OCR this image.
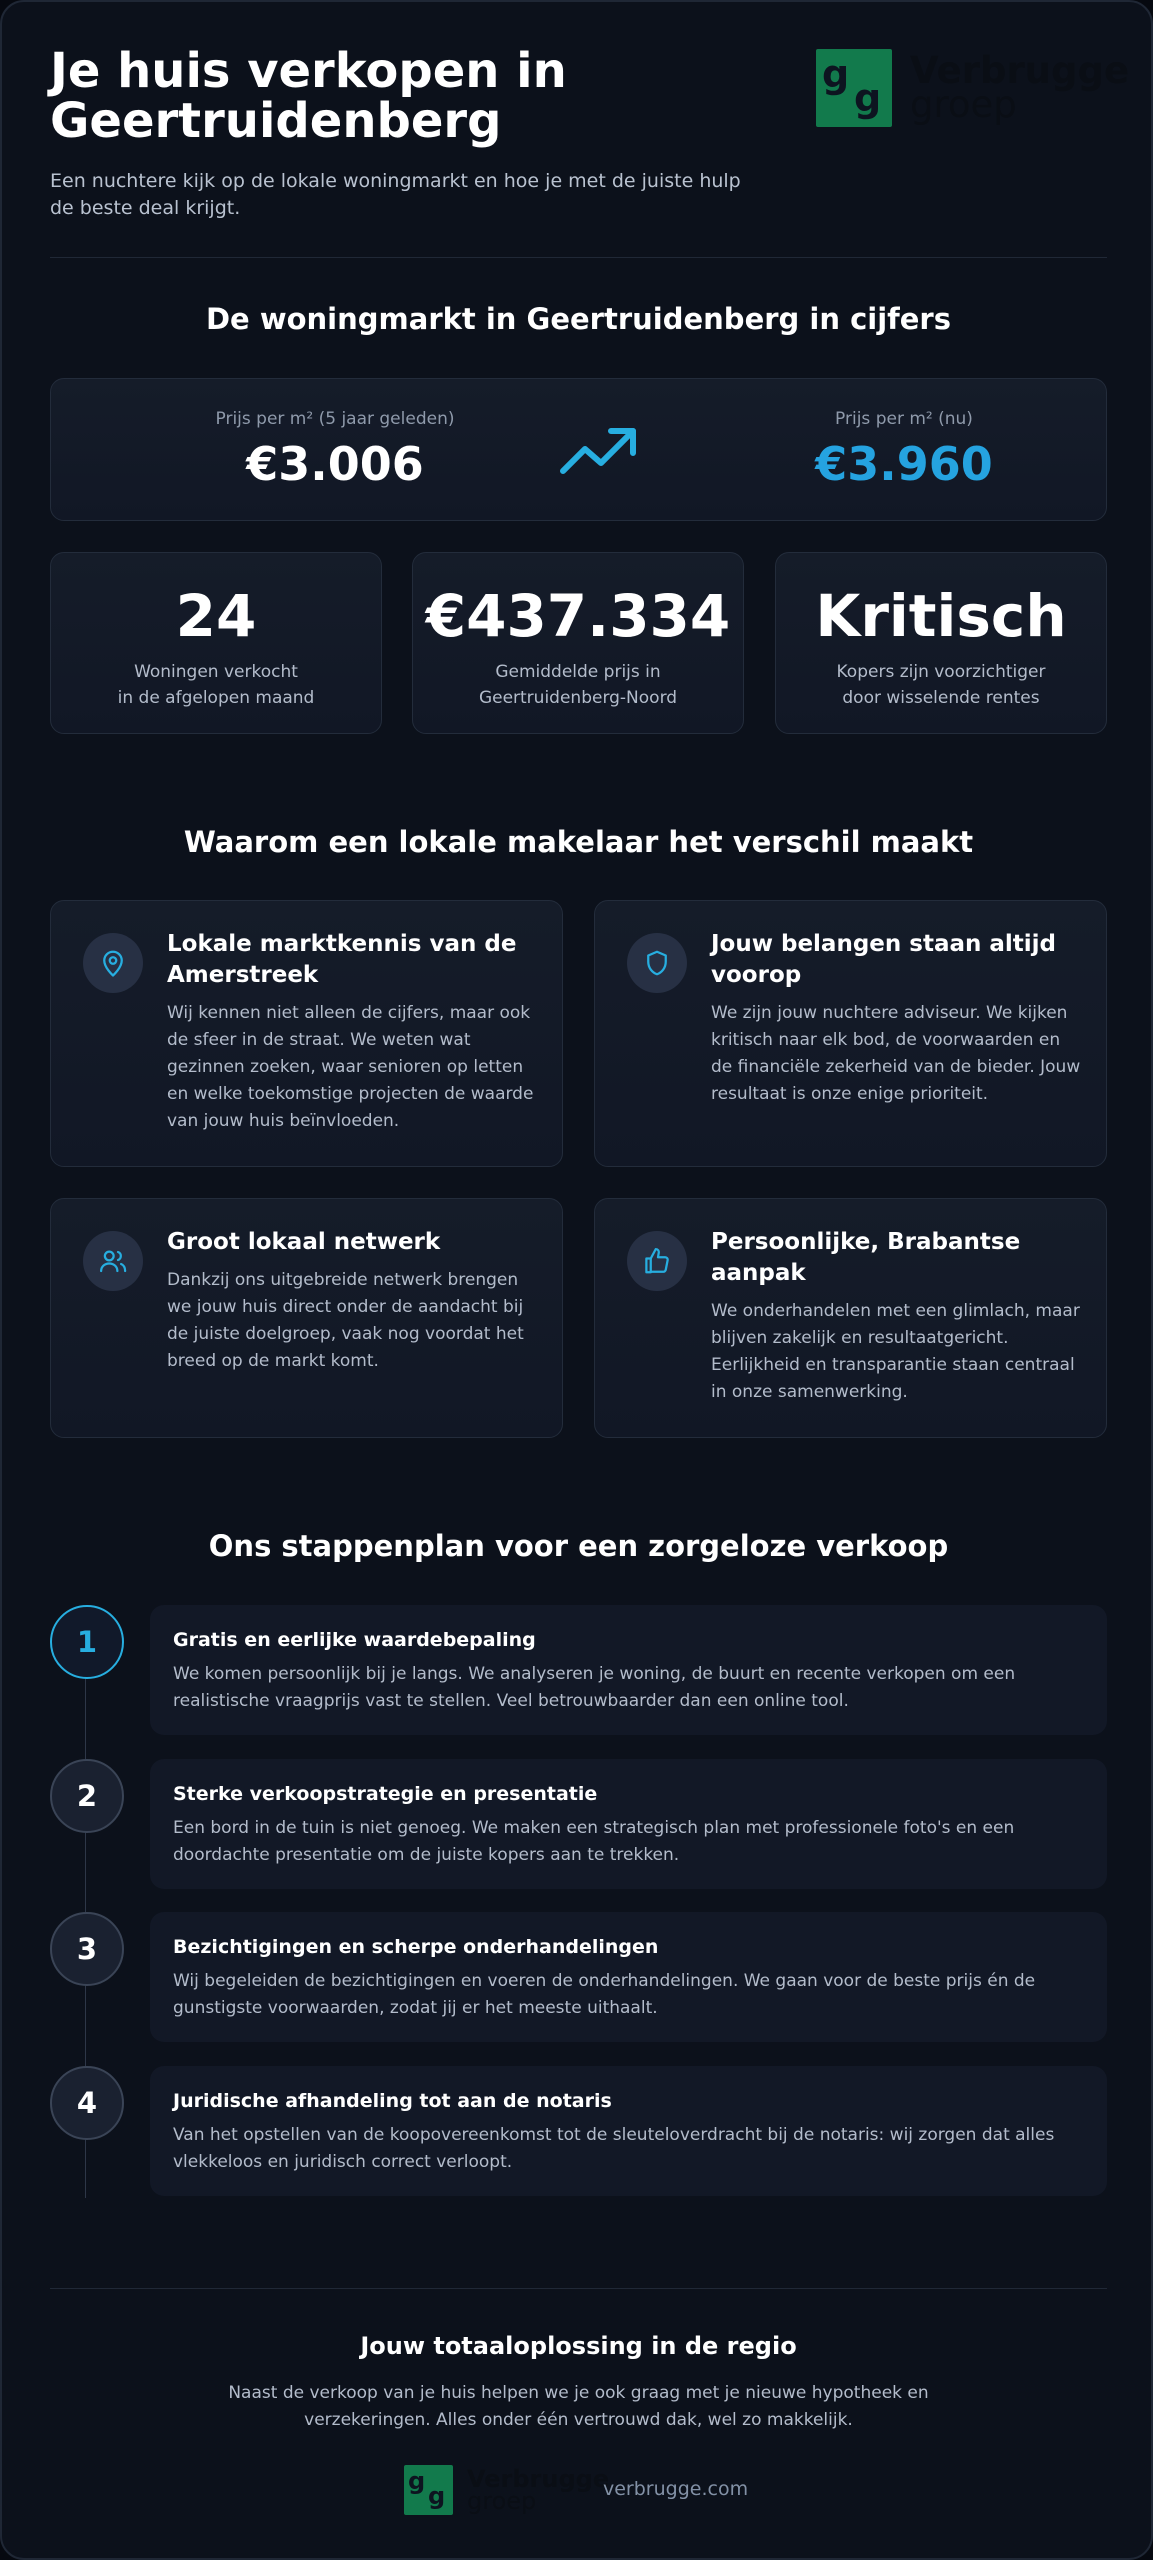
Je huis verkopen in Geertruidenberg

Een nuchtere kijk op de lokale woningmarkt en hoe je met de juiste hulp de beste deal krijgt.

g
g
Verbrugge
groep
De woningmarkt in Geertruidenberg in cijfers
Prijs per m² (5 jaar geleden)
€3.006
Prijs per m² (nu)
€3.960
24
Woningen verkocht
in de afgelopen maand
€437.334
Gemiddelde prijs in
Geertruidenberg-Noord
Kritisch
Kopers zijn voorzichtiger
door wisselende rentes
Waarom een lokale makelaar het verschil maakt
Lokale marktkennis van de Amerstreek
Wij kennen niet alleen de cijfers, maar ook de sfeer in de straat. We weten wat gezinnen zoeken, waar senioren op letten en welke toekomstige projecten de waarde van jouw huis beïnvloeden.
Jouw belangen staan altijd voorop
We zijn jouw nuchtere adviseur. We kijken kritisch naar elk bod, de voorwaarden en de financiële zekerheid van de bieder. Jouw resultaat is onze enige prioriteit.
Groot lokaal netwerk
Dankzij ons uitgebreide netwerk brengen we jouw huis direct onder de aandacht bij de juiste doelgroep, vaak nog voordat het breed op de markt komt.
Persoonlijke, Brabantse aanpak
We onderhandelen met een glimlach, maar blijven zakelijk en resultaatgericht. Eerlijkheid en transparantie staan centraal in onze samenwerking.
Ons stappenplan voor een zorgeloze verkoop
1	Gratis en eerlijke waardebepaling
We komen persoonlijk bij je langs. We analyseren je woning, de buurt en recente verkopen om een realistische vraagprijs vast te stellen. Veel betrouwbaarder dan een online tool.
2	Sterke verkoopstrategie en presentatie
Een bord in de tuin is niet genoeg. We maken een strategisch plan met professionele foto's en een doordachte presentatie om de juiste kopers aan te trekken.
3	Bezichtigingen en scherpe onderhandelingen
Wij begeleiden de bezichtigingen en voeren de onderhandelingen. We gaan voor de beste prijs én de gunstigste voorwaarden, zodat jij er het meeste uithaalt.
4	Juridische afhandeling tot aan de notaris
Van het opstellen van de koopovereenkomst tot de sleuteloverdracht bij de notaris: wij zorgen dat alles vlekkeloos en juridisch correct verloopt.
Jouw totaaloplossing in de regio
Naast de verkoop van je huis helpen we je ook graag met je nieuwe hypotheek en verzekeringen. Alles onder één vertrouwd dak, wel zo makkelijk.
g
g
Verbrugge
groep	verbrugge.com
